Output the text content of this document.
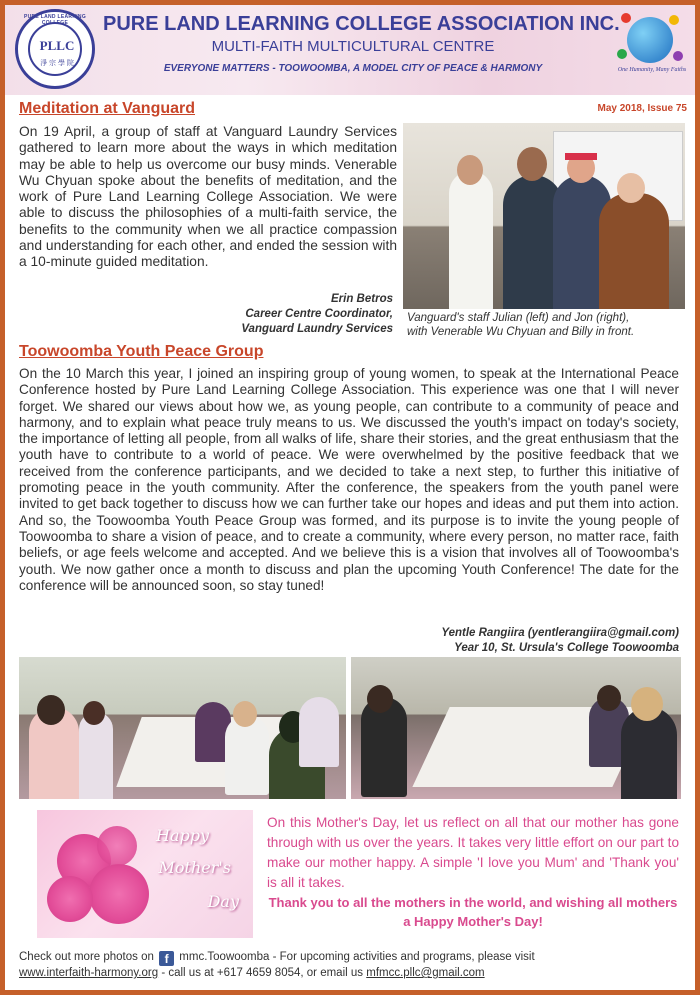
PURE LAND LEARNING COLLEGE
PLLC
淨 宗 學 院
PURE LAND LEARNING COLLEGE ASSOCIATION INC.
MULTI-FAITH MULTICULTURAL CENTRE
EVERYONE MATTERS - TOOWOOMBA, A MODEL CITY OF PEACE & HARMONY	One Humanity, Many Faiths
May 2018, Issue 75
Meditation at Vanguard
On 19 April, a group of staff at Vanguard Laundry Services gathered to learn more about the ways in which meditation may be able to help us overcome our busy minds. Venerable Wu Chyuan spoke about the benefits of meditation, and the work of Pure Land Learning College Association. We were able to discuss the philosophies of a multi-faith service, the benefits to the community when we all practice compassion and understanding for each other, and ended the session with a 10-minute guided meditation.
Erin Betros
Career Centre Coordinator,
Vanguard Laundry Services
Vanguard's staff Julian (left) and Jon (right),
with Venerable Wu Chyuan and Billy in front.
Toowoomba Youth Peace Group
On the 10 March this year, I joined an inspiring group of young women, to speak at the International Peace Conference hosted by Pure Land Learning College Association. This experience was one that I will never forget. We shared our views about how we, as young people, can contribute to a community of peace and harmony, and to explain what peace truly means to us. We discussed the youth's impact on today's society, the importance of letting all people, from all walks of life, share their stories, and the great enthusiasm that the youth have to contribute to a world of peace. We were overwhelmed by the positive feedback that we received from the conference participants, and we decided to take a next step, to further this initiative of promoting peace in the youth community. After the conference, the speakers from the youth panel were invited to get back together to discuss how we can further take our hopes and ideas and put them into action. And so, the Toowoomba Youth Peace Group was formed, and its purpose is to invite the young people of Toowoomba to share a vision of peace, and to create a community, where every person, no matter race, faith beliefs, or age feels welcome and accepted. And we believe this is a vision that involves all of Toowoomba's youth. We now gather once a month to discuss and plan the upcoming Youth Conference! The date for the conference will be announced soon, so stay tuned!
Yentle Rangiira (yentlerangiira@gmail.com)
Year 10, St. Ursula's College Toowoomba
Happy
Mother's
Day
On this Mother's Day, let us reflect on all that our mother has gone through with us over the years. It takes very little effort on our part to make our mother happy. A simple 'I love you Mum' and 'Thank you' is all it takes.
Thank you to all the mothers in the world, and wishing all mothers a Happy Mother's Day!
Check out more photos on f mmc.Toowoomba - For upcoming activities and programs, please visit
www.interfaith-harmony.org - call us at +617 4659 8054, or email us mfmcc.pllc@gmail.com
